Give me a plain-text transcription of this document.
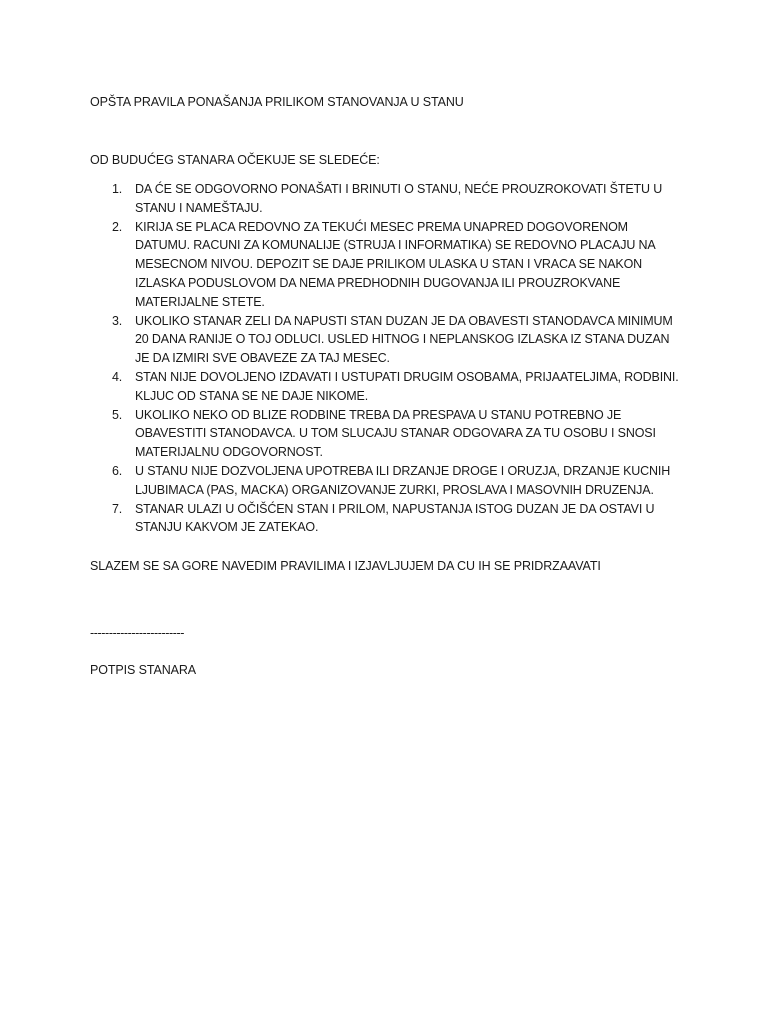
OPŠTA PRAVILA PONAŠANJA PRILIKOM STANOVANJA U STANU
OD BUDUĆEG STANARA OČEKUJE SE SLEDEĆE:
1. DA ĆE SE ODGOVORNO PONAŠATI I BRINUTI O STANU, NEĆE PROUZROKOVATI ŠTETU U STANU I NAMEŠTAJU.
2. KIRIJA SE PLACA REDOVNO ZA TEKUĆI MESEC PREMA UNAPRED DOGOVORENOM DATUMU. RACUNI ZA KOMUNALIJE (STRUJA I INFORMATIKA) SE REDOVNO PLACAJU NA MESECNOM NIVOU. DEPOZIT SE DAJE PRILIKOM ULASKA U STAN I VRACA SE NAKON IZLASKA PODUSLOVOM DA NEMA PREDHODNIH DUGOVANJA ILI PROUZROKVANE MATERIJALNE STETE.
3. UKOLIKO STANAR ZELI DA NAPUSTI STAN DUZAN JE DA OBAVESTI STANODAVCA MINIMUM 20 DANA RANIJE O TOJ ODLUCI. USLED HITNOG I NEPLANSKOG IZLASKA IZ STANA DUZAN JE DA IZMIRI SVE OBAVEZE ZA TAJ MESEC.
4. STAN NIJE DOVOLJENO IZDAVATI I USTUPATI DRUGIM OSOBAMA, PRIJAATELJIMA, RODBINI. KLJUC OD STANA SE NE DAJE NIKOME.
5. UKOLIKO NEKO OD BLIZE RODBINE TREBA DA PRESPAVA U STANU POTREBNO JE OBAVESTITI STANODAVCA. U TOM SLUCAJU STANAR ODGOVARA ZA TU OSOBU I SNOSI MATERIJALNU ODGOVORNOST.
6. U STANU NIJE DOZVOLJENA UPOTREBA ILI DRZANJE DROGE I ORUZJA, DRZANJE KUCNIH LJUBIMACA (PAS, MACKA) ORGANIZOVANJE ZURKI, PROSLAVA I MASOVNIH DRUZENJA.
7. STANAR ULAZI U OČIŠĆEN STAN I PRILOM, NAPUSTANJA ISTOG DUZAN JE DA OSTAVI U STANJU KAKVOM JE ZATEKAO.
SLAZEM SE SA GORE NAVEDIM PRAVILIMA I IZJAVLJUJEM DA CU IH SE PRIDRZAAVATI
-------------------------
POTPIS STANARA
